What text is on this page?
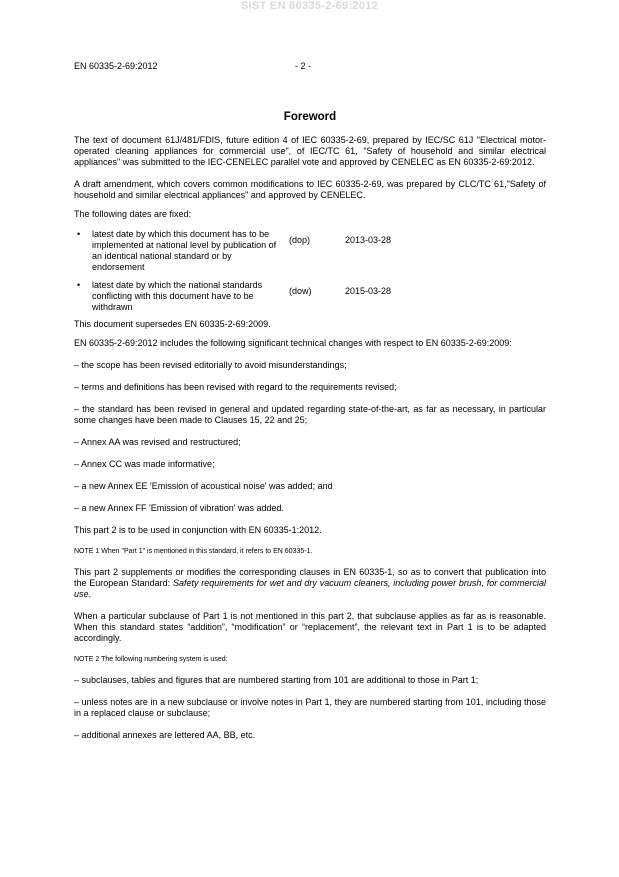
SIST EN 60335-2-69:2012
EN 60335-2-69:2012	- 2 -
Foreword

The text of document 61J/481/FDIS, future edition 4 of IEC 60335-2-69, prepared by IEC/SC 61J "Electrical motor-operated cleaning appliances for commercial use", of IEC/TC 61, "Safety of household and similar electrical appliances" was submitted to the IEC-CENELEC parallel vote and approved by CENELEC as EN 60335-2-69:2012.

A draft amendment, which covers common modifications to IEC 60335-2-69, was prepared by CLC/TC 61,"Safety of household and similar electrical appliances" and approved by CENELEC.

The following dates are fixed:

• latest date by which this document has to be implemented at national level by publication of an identical national standard or by endorsement
(dop)	2013-03-28
• latest date by which the national standards conflicting with this document have to be withdrawn
(dow)	2015-03-28

This document supersedes EN 60335-2-69:2009.

EN 60335-2-69:2012 includes the following significant technical changes with respect to EN 60335-2-69:2009:

– the scope has been revised editorially to avoid misunderstandings;

– terms and definitions has been revised with regard to the requirements revised;

– the standard has been revised in general and updated regarding state-of-the-art, as far as necessary, in particular some changes have been made to Clauses 15, 22 and 25;

– Annex AA was revised and restructured;

– Annex CC was made informative;

– a new Annex EE 'Emission of acoustical noise' was added; and

– a new Annex FF 'Emission of vibration' was added.

This part 2 is to be used in conjunction with EN 60335-1:2012.

NOTE 1 When "Part 1" is mentioned in this standard, it refers to EN 60335-1.

This part 2 supplements or modifies the corresponding clauses in EN 60335-1, so as to convert that publication into the European Standard: Safety requirements for wet and dry vacuum cleaners, including power brush, for commercial use.

When a particular subclause of Part 1 is not mentioned in this part 2, that subclause applies as far as is reasonable. When this standard states “addition”, “modification” or “replacement”, the relevant text in Part 1 is to be adapted accordingly.

NOTE 2 The following numbering system is used:

– subclauses, tables and figures that are numbered starting from 101 are additional to those in Part 1;

– unless notes are in a new subclause or involve notes in Part 1, they are numbered starting from 101, including those in a replaced clause or subclause;

– additional annexes are lettered AA, BB, etc.
